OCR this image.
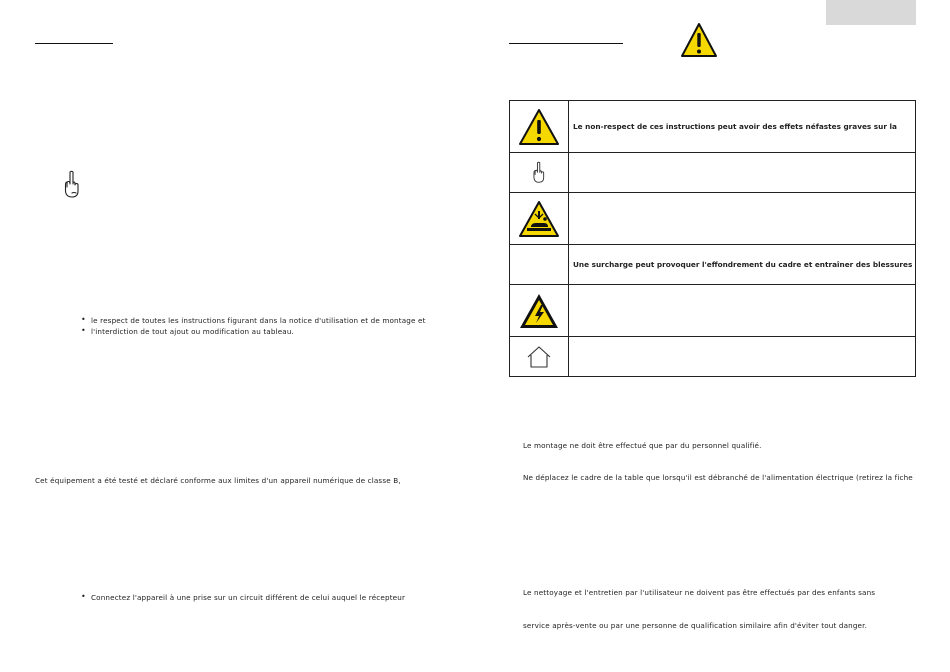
• le respect de toutes les instructions figurant dans la notice d'utilisation et de montage et
• l'interdiction de tout ajout ou modification au tableau.
Cet équipement a été testé et déclaré conforme aux limites d'un appareil numérique de classe B,
• Connectez l'appareil à une prise sur un circuit différent de celui auquel le récepteur
	Le non-respect de ces instructions peut avoir des effets néfastes graves sur la

	Une surcharge peut provoquer l'effondrement du cadre et entraîner des blessures

Le montage ne doit être effectué que par du personnel qualifié.
Ne déplacez le cadre de la table que lorsqu'il est débranché de l'alimentation électrique (retirez la fiche
Le nettoyage et l'entretien par l'utilisateur ne doivent pas être effectués par des enfants sans
service après-vente ou par une personne de qualification similaire afin d'éviter tout danger.
